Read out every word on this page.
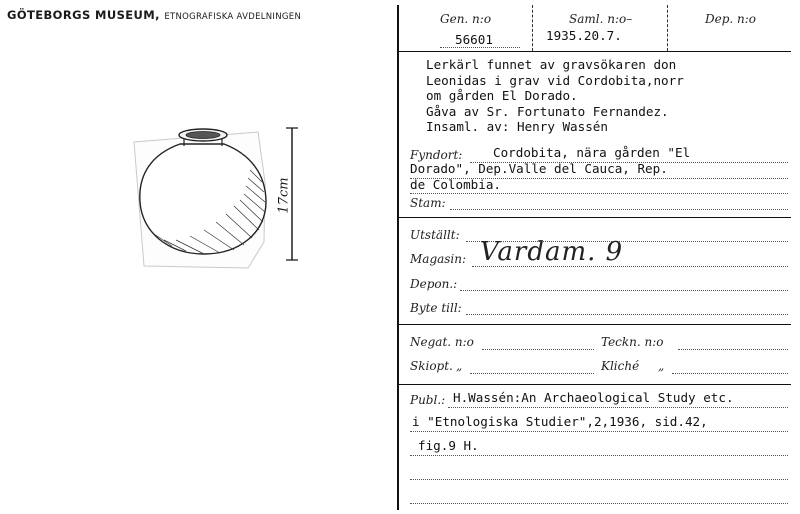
GÖTEBORGS MUSEUM, ETNOGRAFISKA AVDELNINGEN
17cm
Gen. n:o	Saml. n:o–	Dep. n:o
56601	1935.20.7.
Lerkärl funnet av gravsökaren don
Leonidas i grav vid Cordobita,norr
om gården El Dorado.
Gåva av Sr. Fortunato Fernandez.
Insaml. av: Henry Wassén
Fyndort: Cordobita, nära gården "El
Dorado", Dep.Valle del Cauca, Rep.
de Colombia.
Stam:
Utställt:
Magasin: Vardam. 9
Depon.:
Byte till:
Negat. n:o	Teckn. n:o
Skiopt. „	Kliché „
Publ.: H.Wassén:An Archaeological Study etc.
i "Etnologiska Studier",2,1936, sid.42,
fig.9 H.
